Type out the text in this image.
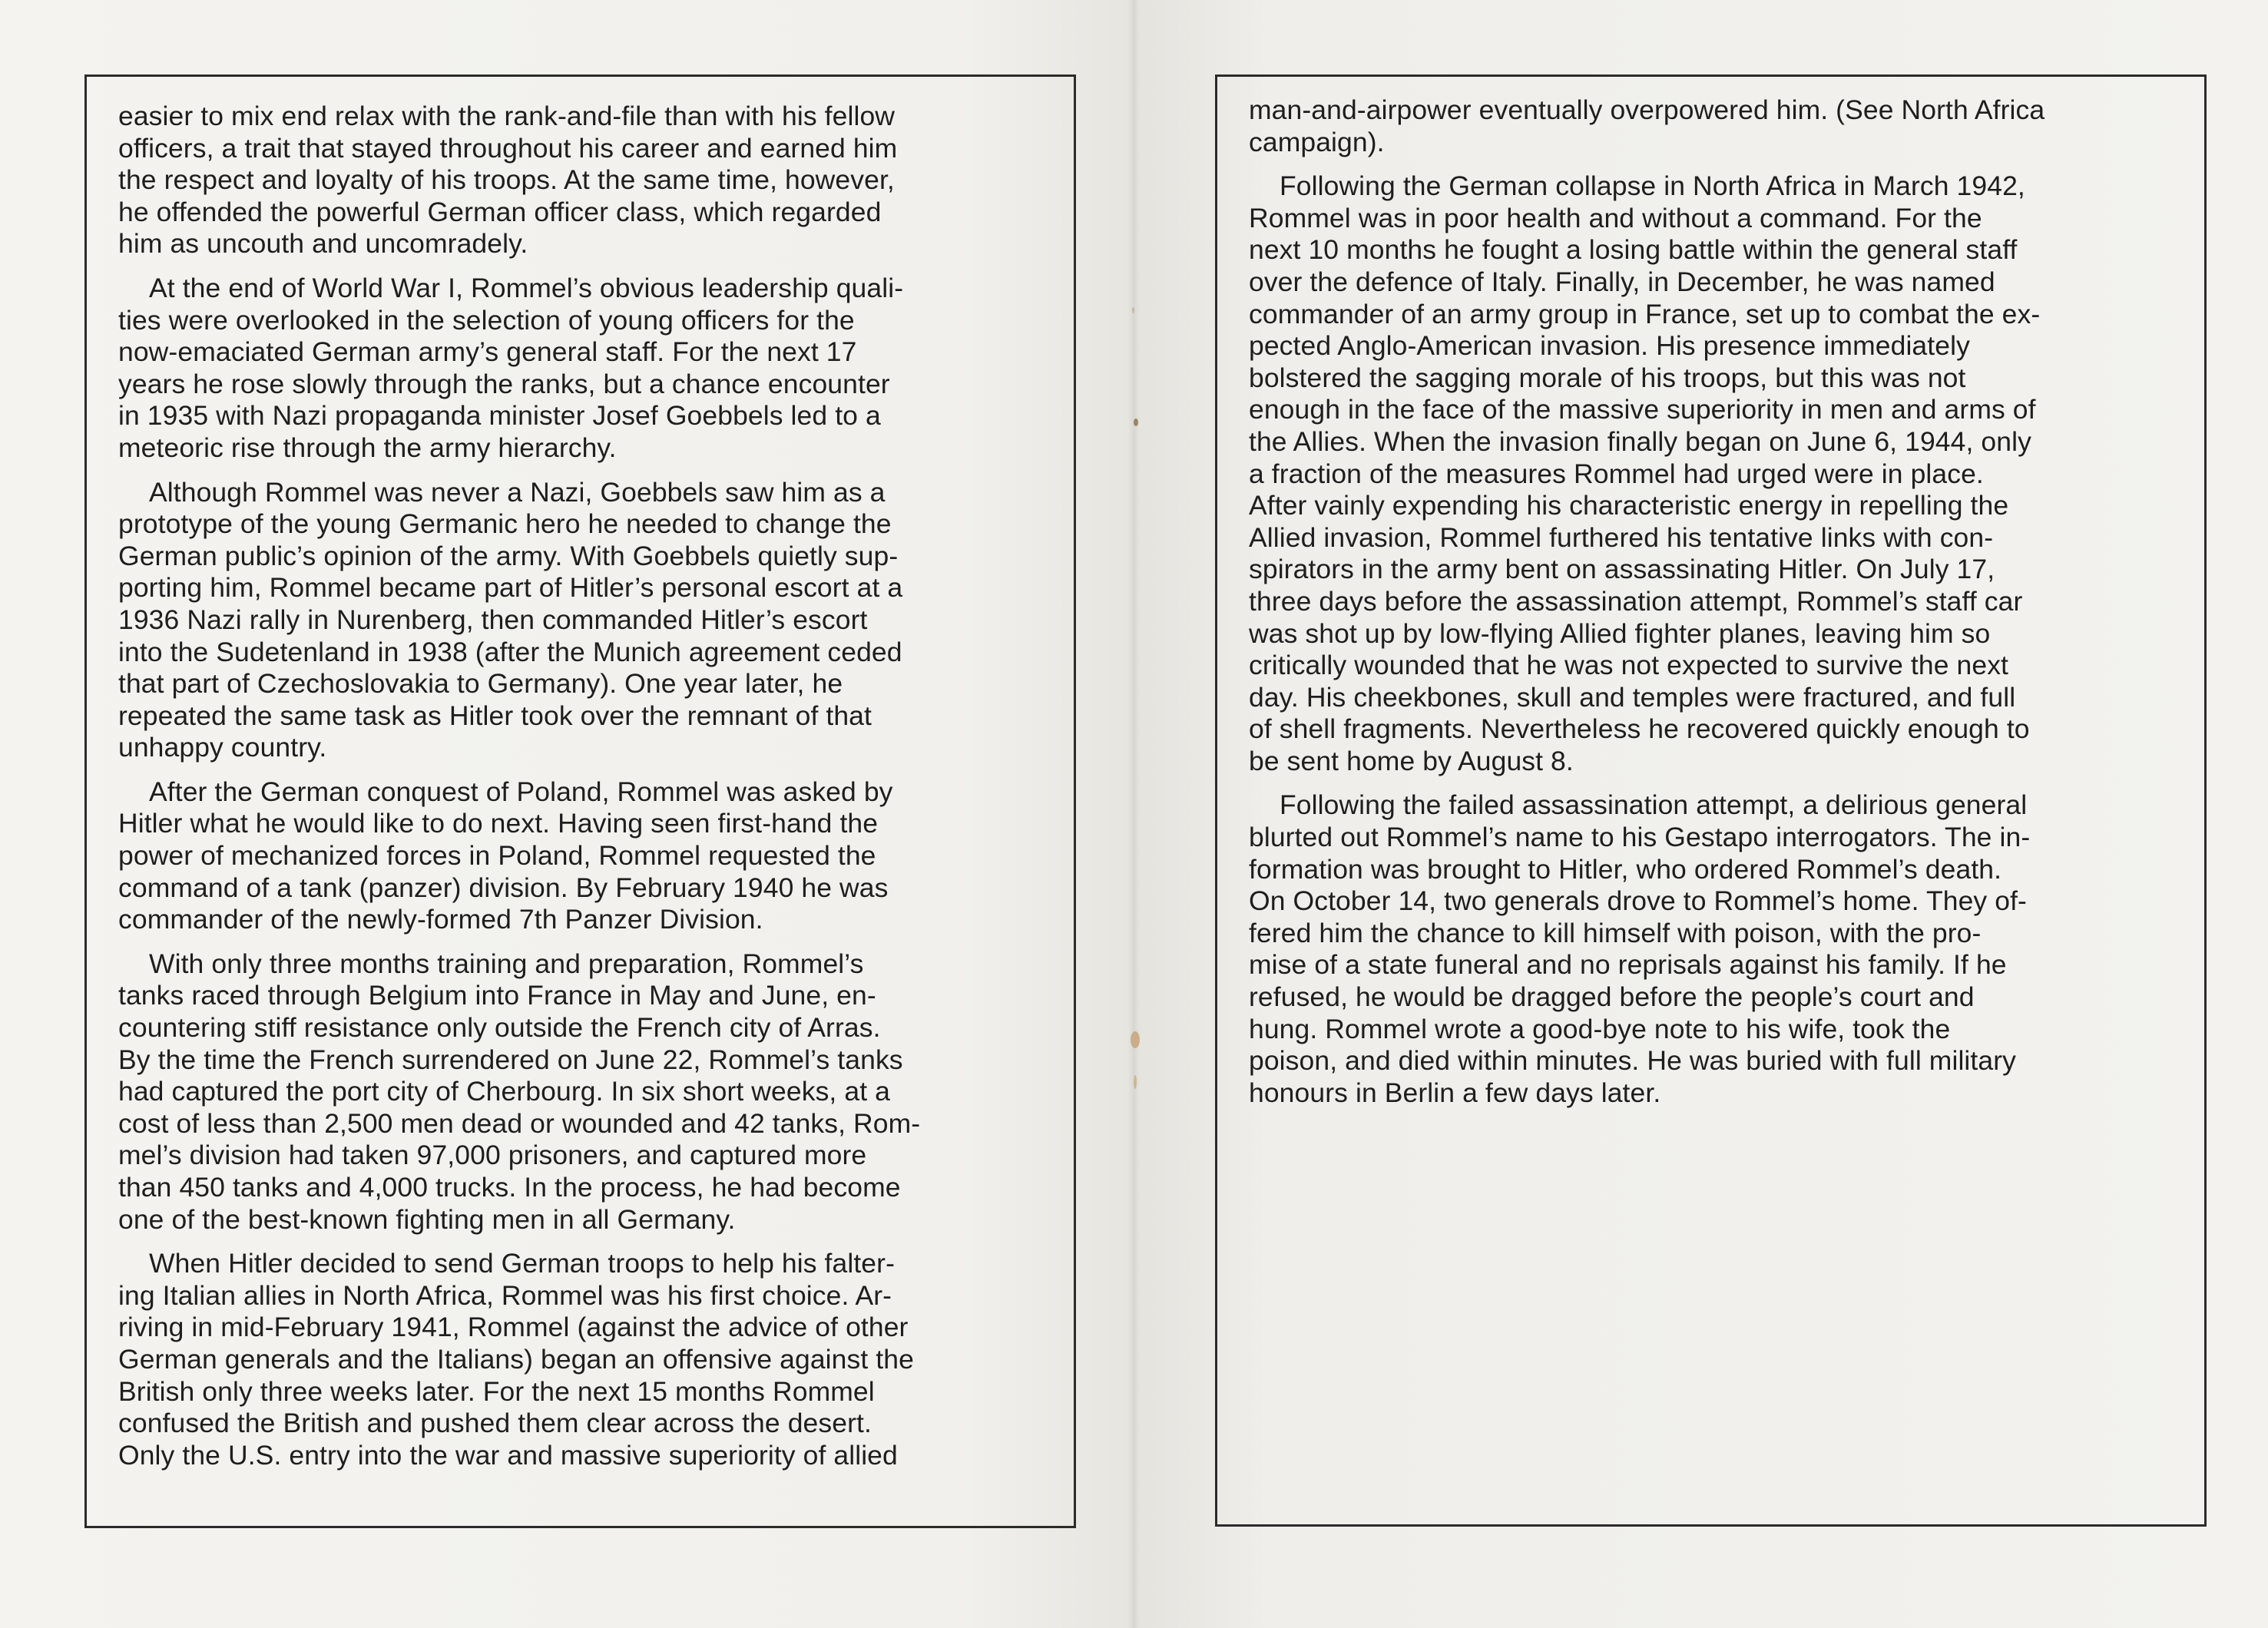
easier to mix end relax with the rank-and-file than with his fellow
officers, a trait that stayed throughout his career and earned him
the respect and loyalty of his troops. At the same time, however,
he offended the powerful German officer class, which regarded
him as uncouth and uncomradely.
At the end of World War I, Rommel’s obvious leadership quali-
ties were overlooked in the selection of young officers for the
now-emaciated German army’s general staff. For the next 17
years he rose slowly through the ranks, but a chance encounter
in 1935 with Nazi propaganda minister Josef Goebbels led to a
meteoric rise through the army hierarchy.
Although Rommel was never a Nazi, Goebbels saw him as a
prototype of the young Germanic hero he needed to change the
German public’s opinion of the army. With Goebbels quietly sup-
porting him, Rommel became part of Hitler’s personal escort at a
1936 Nazi rally in Nurenberg, then commanded Hitler’s escort
into the Sudetenland in 1938 (after the Munich agreement ceded
that part of Czechoslovakia to Germany). One year later, he
repeated the same task as Hitler took over the remnant of that
unhappy country.
After the German conquest of Poland, Rommel was asked by
Hitler what he would like to do next. Having seen first-hand the
power of mechanized forces in Poland, Rommel requested the
command of a tank (panzer) division. By February 1940 he was
commander of the newly-formed 7th Panzer Division.
With only three months training and preparation, Rommel’s
tanks raced through Belgium into France in May and June, en-
countering stiff resistance only outside the French city of Arras.
By the time the French surrendered on June 22, Rommel’s tanks
had captured the port city of Cherbourg. In six short weeks, at a
cost of less than 2,500 men dead or wounded and 42 tanks, Rom-
mel’s division had taken 97,000 prisoners, and captured more
than 450 tanks and 4,000 trucks. In the process, he had become
one of the best-known fighting men in all Germany.
When Hitler decided to send German troops to help his falter-
ing Italian allies in North Africa, Rommel was his first choice. Ar-
riving in mid-February 1941, Rommel (against the advice of other
German generals and the Italians) began an offensive against the
British only three weeks later. For the next 15 months Rommel
confused the British and pushed them clear across the desert.
Only the U.S. entry into the war and massive superiority of allied
man-and-airpower eventually overpowered him. (See North Africa
campaign).
Following the German collapse in North Africa in March 1942,
Rommel was in poor health and without a command. For the
next 10 months he fought a losing battle within the general staff
over the defence of Italy. Finally, in December, he was named
commander of an army group in France, set up to combat the ex-
pected Anglo-American invasion. His presence immediately
bolstered the sagging morale of his troops, but this was not
enough in the face of the massive superiority in men and arms of
the Allies. When the invasion finally began on June 6, 1944, only
a fraction of the measures Rommel had urged were in place.
After vainly expending his characteristic energy in repelling the
Allied invasion, Rommel furthered his tentative links with con-
spirators in the army bent on assassinating Hitler. On July 17,
three days before the assassination attempt, Rommel’s staff car
was shot up by low-flying Allied fighter planes, leaving him so
critically wounded that he was not expected to survive the next
day. His cheekbones, skull and temples were fractured, and full
of shell fragments. Nevertheless he recovered quickly enough to
be sent home by August 8.
Following the failed assassination attempt, a delirious general
blurted out Rommel’s name to his Gestapo interrogators. The in-
formation was brought to Hitler, who ordered Rommel’s death.
On October 14, two generals drove to Rommel’s home. They of-
fered him the chance to kill himself with poison, with the pro-
mise of a state funeral and no reprisals against his family. If he
refused, he would be dragged before the people’s court and
hung. Rommel wrote a good-bye note to his wife, took the
poison, and died within minutes. He was buried with full military
honours in Berlin a few days later.
